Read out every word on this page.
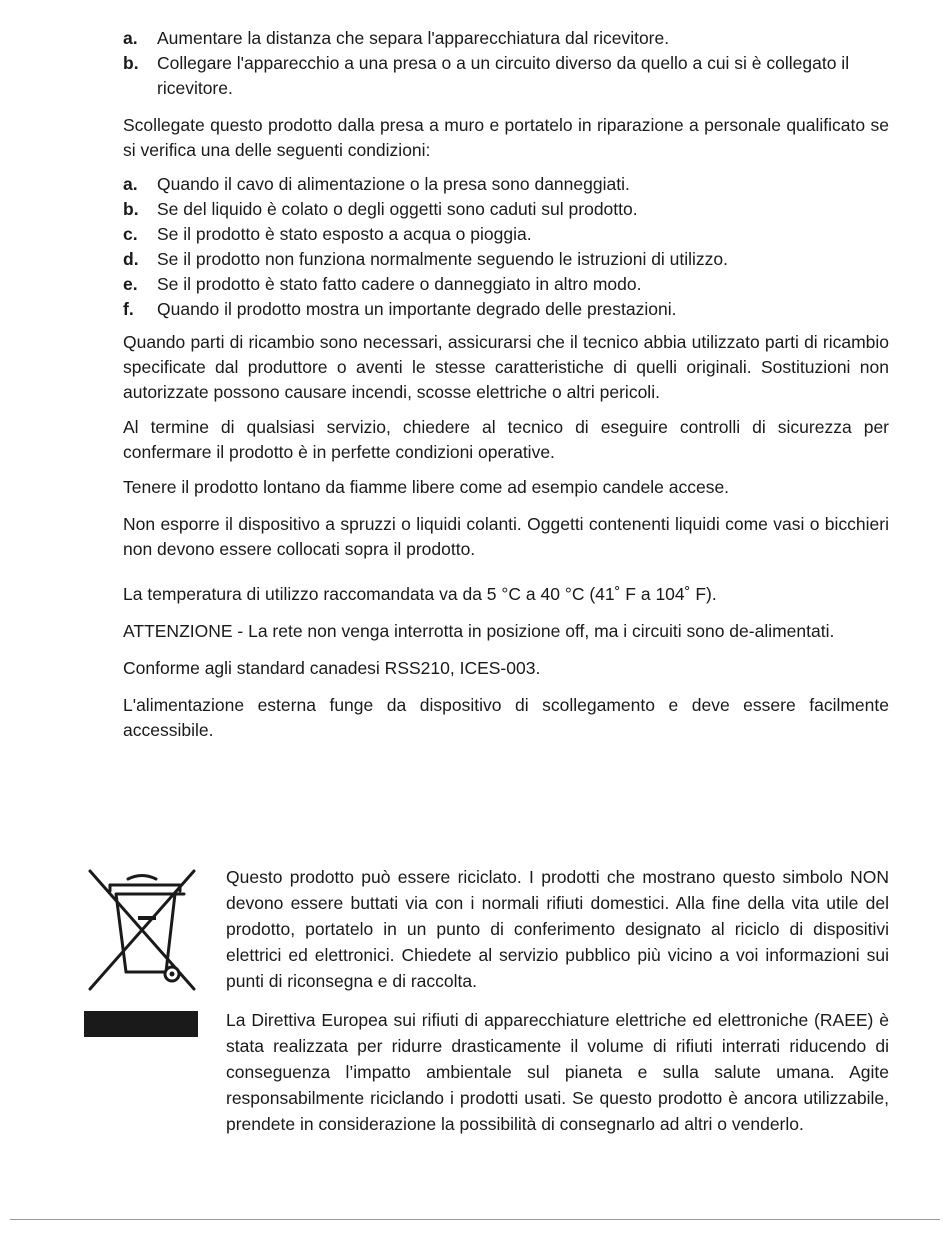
a.	Aumentare la distanza che separa l'apparecchiatura dal ricevitore.
b.	Collegare l'apparecchio a una presa o a un circuito diverso da quello a cui si è collegato il ricevitore.

Scollegate questo prodotto dalla presa a muro e portatelo in riparazione a personale qualificato se si verifica una delle seguenti condizioni:

a.	Quando il cavo di alimentazione o la presa sono danneggiati.
b.	Se del liquido è colato o degli oggetti sono caduti sul prodotto.
c.	Se il prodotto è stato esposto a acqua o pioggia.
d.	Se il prodotto non funziona normalmente seguendo le istruzioni di utilizzo.
e.	Se il prodotto è stato fatto cadere o danneggiato in altro modo.
f.	Quando il prodotto mostra un importante degrado delle prestazioni.

Quando parti di ricambio sono necessari, assicurarsi che il tecnico abbia utilizzato parti di ricambio specificate dal produttore o aventi le stesse caratteristiche di quelli originali. Sostituzioni non autorizzate possono causare incendi, scosse elettriche o altri pericoli.

Al termine di qualsiasi servizio, chiedere al tecnico di eseguire controlli di sicurezza per confermare il prodotto è in perfette condizioni operative.

Tenere il prodotto lontano da fiamme libere come ad esempio candele accese.

Non esporre il dispositivo a spruzzi o liquidi colanti. Oggetti contenenti liquidi come vasi o bicchieri non devono essere collocati sopra il prodotto.

La temperatura di utilizzo raccomandata va da 5 °C a 40 °C (41˚ F a 104˚ F).

ATTENZIONE - La rete non venga interrotta in posizione off, ma i circuiti sono de-alimentati.

Conforme agli standard canadesi RSS210, ICES-003.

L'alimentazione esterna funge da dispositivo di scollegamento e deve essere facilmente accessibile.

Questo prodotto può essere riciclato. I prodotti che mostrano questo simbolo NON devono essere buttati via con i normali rifiuti domestici. Alla fine della vita utile del prodotto, portatelo in un punto di conferimento designato al riciclo di dispositivi elettrici ed elettronici. Chiedete al servizio pubblico più vicino a voi informazioni sui punti di riconsegna e di raccolta.

La Direttiva Europea sui rifiuti di apparecchiature elettriche ed elettroniche (RAEE) è stata realizzata per ridurre drasticamente il volume di rifiuti interrati riducendo di conseguenza l’impatto ambientale sul pianeta e sulla salute umana. Agite responsabilmente riciclando i prodotti usati. Se questo prodotto è ancora utilizzabile, prendete in considerazione la possibilità di consegnarlo ad altri o venderlo.
